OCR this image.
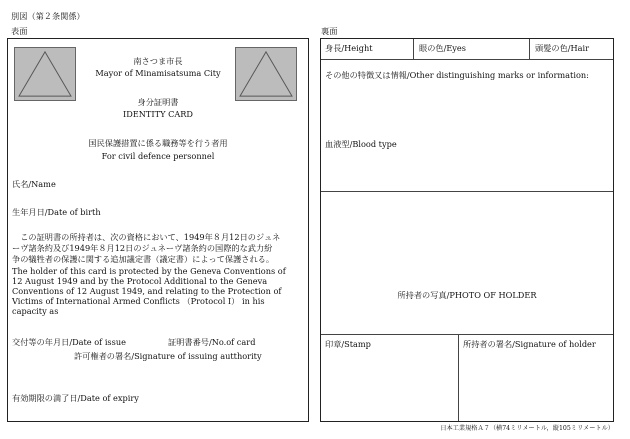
別図（第２条関係）
表面	裏面
南さつま市長
Mayor of Minamisatsuma City
身分証明書
IDENTITY CARD
国民保護措置に係る職務等を行う者用
For civil defence personnel
氏名/Name
生年月日/Date of birth
　この証明書の所持者は、次の資格において、1949年８月12日のジュネ
ーヴ諸条約及び1949年８月12日のジュネーヴ諸条約の国際的な武力紛
争の犠牲者の保護に関する追加議定書（議定書）によって保護される。
The holder of this card is protected by the Geneva Conventions of
12 August 1949 and by the Protocol Additional to the Geneva
Conventions of 12 August 1949, and relating to the Protection of
Victims of International Armed Conflicts （Protocol I） in his
capacity as
交付等の年月日/Date of issue	証明書番号/No.of card
許可権者の署名/Signature of issuing autthority
有効期限の満了日/Date of expiry
身長/Height	眼の色/Eyes	頭髪の色/Hair
その他の特徴又は情報/Other distinguishing marks or information:
血液型/Blood type
所持者の写真/PHOTO OF HOLDER
印章/Stamp	所持者の署名/Signature of holder
日本工業規格Ａ７（横74ミリメートル，縦105ミリメートル）
